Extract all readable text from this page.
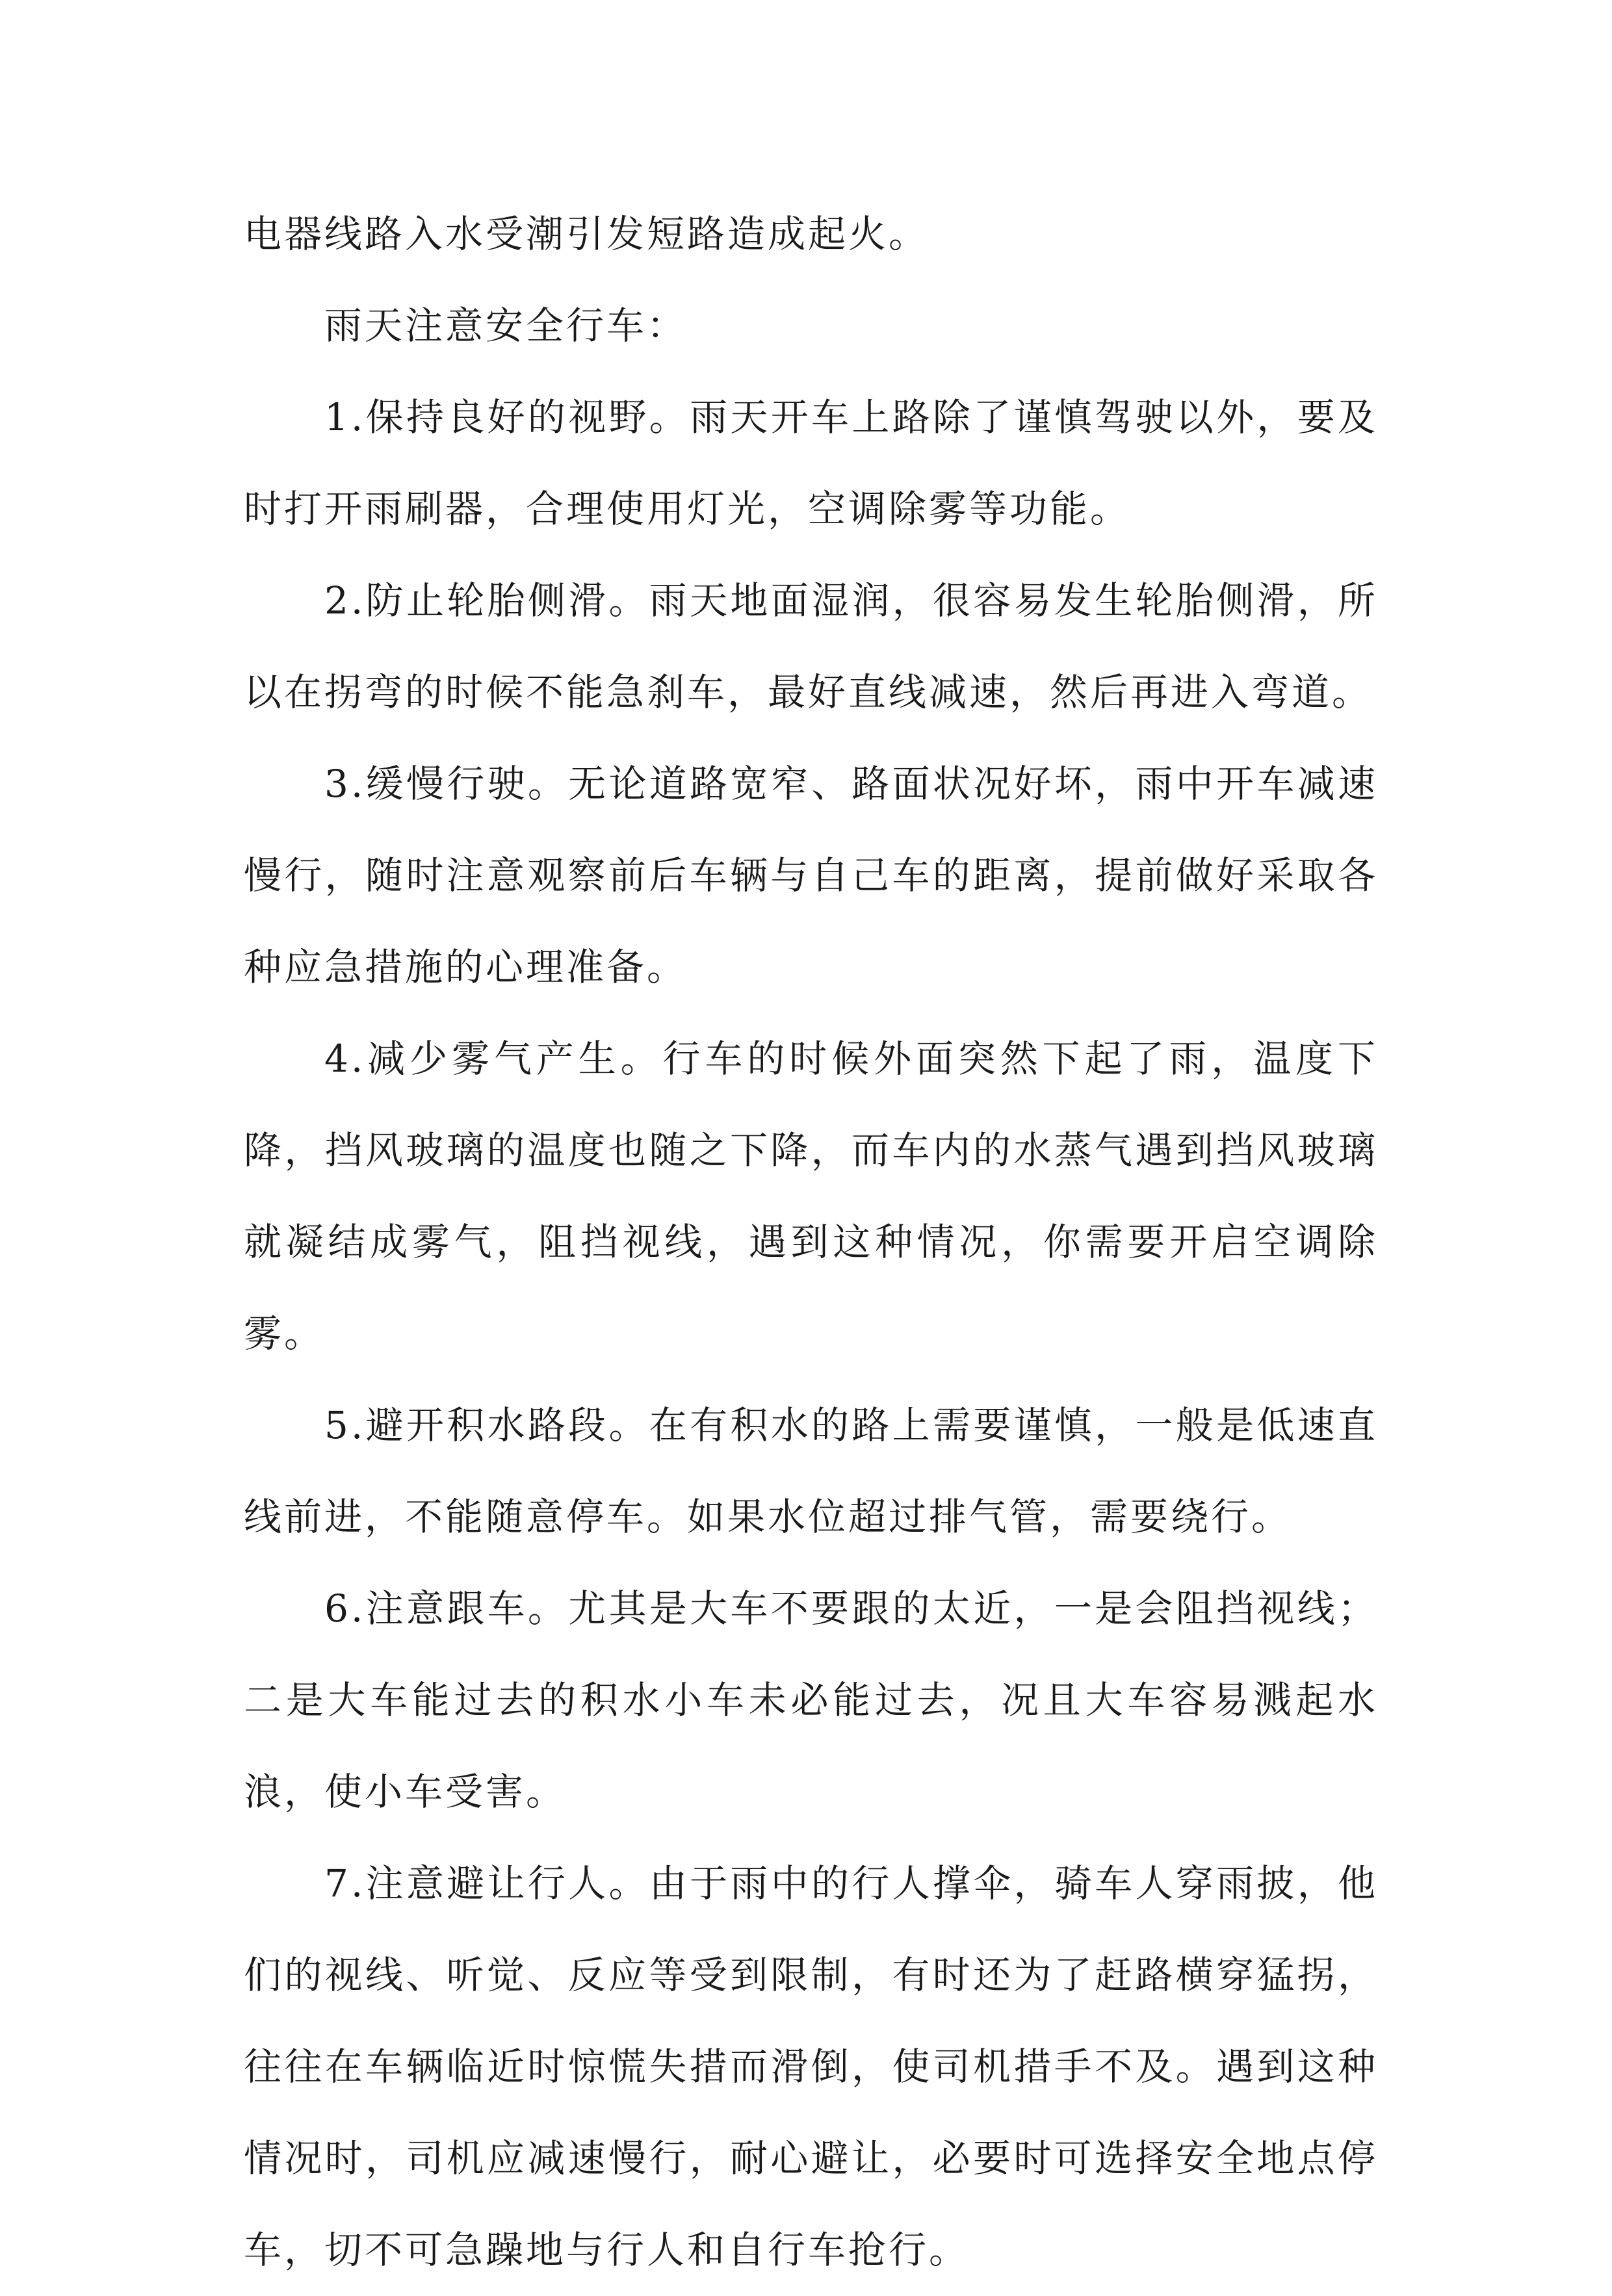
电器线路入水受潮引发短路造成起火。

雨天注意安全行车：

1.保持良好的视野。雨天开车上路除了谨慎驾驶以外，要及时打开雨刷器，合理使用灯光，空调除雾等功能。

2.防止轮胎侧滑。雨天地面湿润，很容易发生轮胎侧滑，所以在拐弯的时候不能急刹车，最好直线减速，然后再进入弯道。

3.缓慢行驶。无论道路宽窄、路面状况好坏，雨中开车减速慢行，随时注意观察前后车辆与自己车的距离，提前做好采取各种应急措施的心理准备。

4.减少雾气产生。行车的时候外面突然下起了雨，温度下降，挡风玻璃的温度也随之下降，而车内的水蒸气遇到挡风玻璃就凝结成雾气，阻挡视线，遇到这种情况，你需要开启空调除雾。

5.避开积水路段。在有积水的路上需要谨慎，一般是低速直线前进，不能随意停车。如果水位超过排气管，需要绕行。

6.注意跟车。尤其是大车不要跟的太近，一是会阻挡视线；二是大车能过去的积水小车未必能过去，况且大车容易溅起水浪，使小车受害。

7.注意避让行人。由于雨中的行人撑伞，骑车人穿雨披，他们的视线、听觉、反应等受到限制，有时还为了赶路横穿猛拐，往往在车辆临近时惊慌失措而滑倒，使司机措手不及。遇到这种情况时，司机应减速慢行，耐心避让，必要时可选择安全地点停车，切不可急躁地与行人和自行车抢行。
